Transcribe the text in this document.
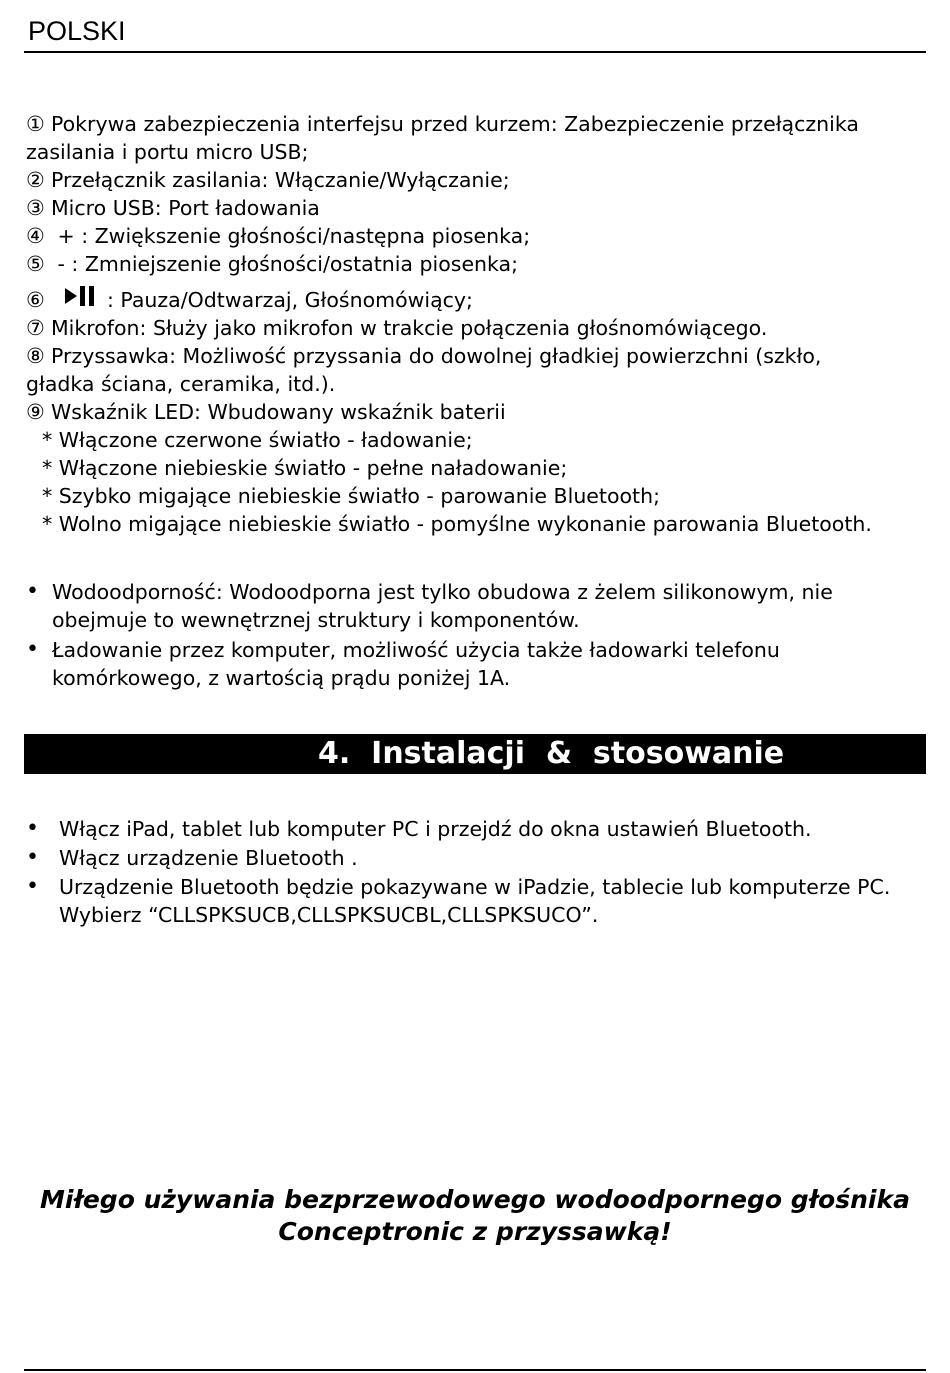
POLSKI
① Pokrywa zabezpieczenia interfejsu przed kurzem: Zabezpieczenie przełącznika
zasilania i portu micro USB;
② Przełącznik zasilania: Włączanie/Wyłączanie;
③ Micro USB: Port ładowania
④ + : Zwiększenie głośności/następna piosenka;
⑤ - : Zmniejszenie głośności/ostatnia piosenka;
⑥	: Pauza/Odtwarzaj, Głośnomówiący;
⑦ Mikrofon: Służy jako mikrofon w trakcie połączenia głośnomówiącego.
⑧ Przyssawka: Możliwość przyssania do dowolnej gładkiej powierzchni (szkło,
gładka ściana, ceramika, itd.).
⑨ Wskaźnik LED: Wbudowany wskaźnik baterii
* Włączone czerwone światło - ładowanie;
* Włączone niebieskie światło - pełne naładowanie;
* Szybko migające niebieskie światło - parowanie Bluetooth;
* Wolno migające niebieskie światło - pomyślne wykonanie parowania Bluetooth.
• Wodoodporność: Wodoodporna jest tylko obudowa z żelem silikonowym, nie obejmuje to wewnętrznej struktury i komponentów.
• Ładowanie przez komputer, możliwość użycia także ładowarki telefonu komórkowego, z wartością prądu poniżej 1A.
4.  Instalacji  &  stosowanie
• Włącz iPad, tablet lub komputer PC i przejdź do okna ustawień Bluetooth.
• Włącz urządzenie Bluetooth .
• Urządzenie Bluetooth będzie pokazywane w iPadzie, tablecie lub komputerze PC. Wybierz “CLLSPKSUCB,CLLSPKSUCBL,CLLSPKSUCO”.
Miłego używania bezprzewodowego wodoodpornego głośnika
Conceptronic z przyssawką!
